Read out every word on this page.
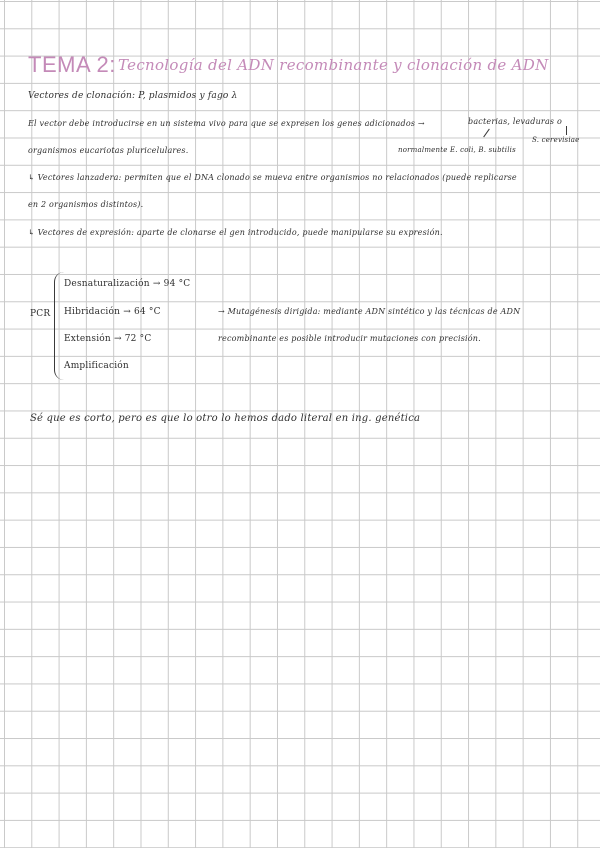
TEMA 2: Tecnología del ADN recombinante y clonación de ADN
Vectores de clonación: P, plasmidos y fago λ
El vector debe introducirse en un sistema vivo para que se expresen los genes adicionados →	bacterias, levaduras o
S. cerevisiae
organismos eucariotas pluricelulares.	normalmente E. coli, B. subtilis
↳ Vectores lanzadera: permiten que el DNA clonado se mueva entre organismos no relacionados (puede replicarse
en 2 organismos distintos).
↳ Vectores de expresión: aparte de clonarse el gen introducido, puede manipularse su expresión.
PCR
Desnaturalización → 94 °C
Hibridación → 64 °C
Extensión → 72 °C
Amplificación
→ Mutagénesis dirigida: mediante ADN sintético y las técnicas de ADN
recombinante es posible introducir mutaciones con precisión.
Sé que es corto, pero es que lo otro lo hemos dado literal en ing. genética
